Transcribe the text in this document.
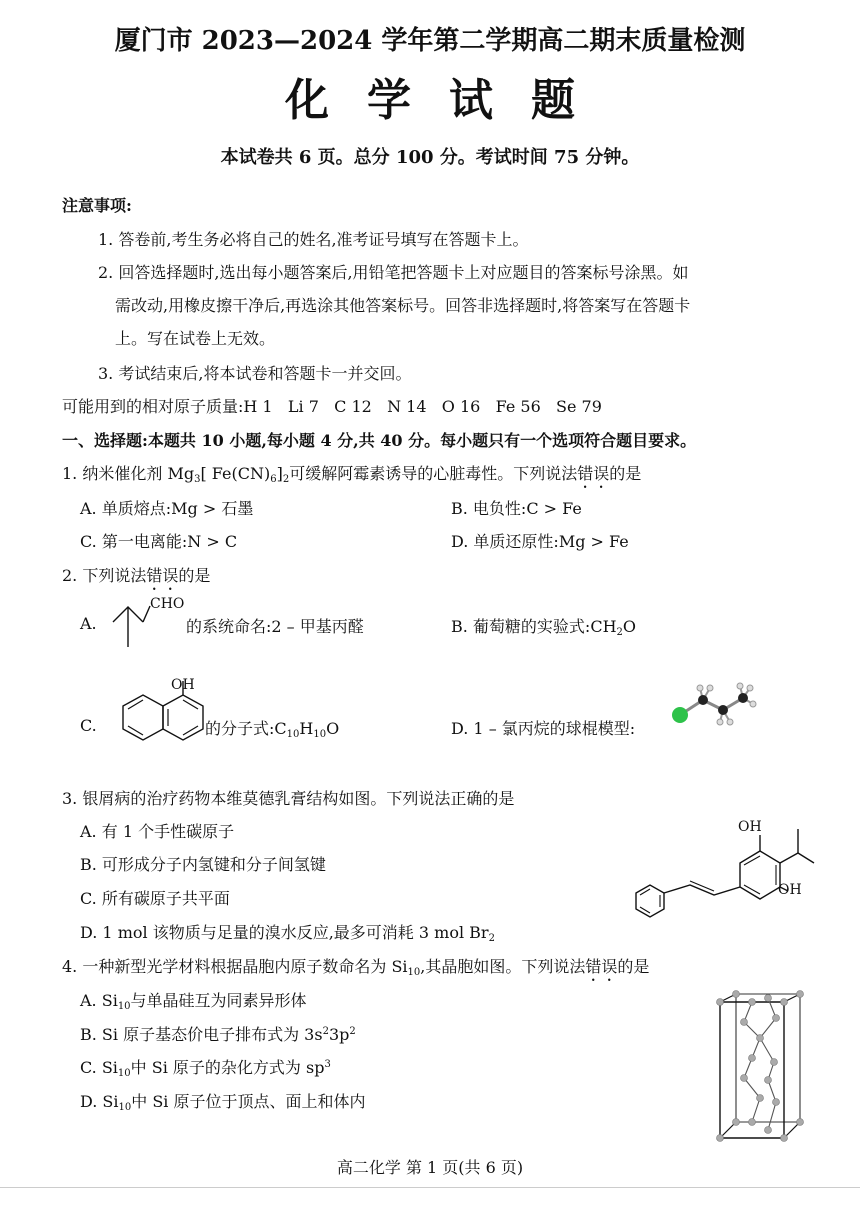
厦门市 2023—2024 学年第二学期高二期末质量检测
化学试题
本试卷共 6 页。总分 100 分。考试时间 75 分钟。
注意事项:
1. 答卷前,考生务必将自己的姓名,准考证号填写在答题卡上。
2. 回答选择题时,选出每小题答案后,用铅笔把答题卡上对应题目的答案标号涂黑。如
需改动,用橡皮擦干净后,再选涂其他答案标号。回答非选择题时,将答案写在答题卡
上。写在试卷上无效。
3. 考试结束后,将本试卷和答题卡一并交回。
可能用到的相对原子质量:H 1   Li 7   C 12   N 14   O 16   Fe 56   Se 79
一、选择题:本题共 10 小题,每小题 4 分,共 40 分。每小题只有一个选项符合题目要求。
1. 纳米催化剂 $Mg_3$[ $Fe(CN)_6]_2$可缓解阿霉素诱导的心脏毒性。下列说法错误的是
A. 单质熔点:Mg > 石墨	B. 电负性:C > Fe
C. 第一电离能:N > C	D. 单质还原性:Mg > Fe
2. 下列说法错误的是
A.
CHO
的系统命名:2 – 甲基丙醛	B. 葡萄糖的实验式$:CH_2O$
C.
OH
的分子式$:C_{10}H_{10}O$	D. 1 – 氯丙烷的球棍模型:
3. 银屑病的治疗药物本维莫德乳膏结构如图。下列说法正确的是
A. 有 1 个手性碳原子
B. 可形成分子内氢键和分子间氢键
C. 所有碳原子共平面
D. 1 mol 该物质与足量的溴水反应,最多可消耗 3 mol $Br_2$
OH
OH
4. 一种新型光学材料根据晶胞内原子数命名为 $Si_{10}$,其晶胞如图。下列说法错误的是
A. $Si_{10}$与单晶硅互为同素异形体
B. Si 原子基态价电子排布式为 $3s^23p^2$
C. $Si_{10}$中 Si 原子的杂化方式为 $sp^3$
D. $Si_{10}$中 Si 原子位于顶点、面上和体内
高二化学 第 1 页(共 6 页)
